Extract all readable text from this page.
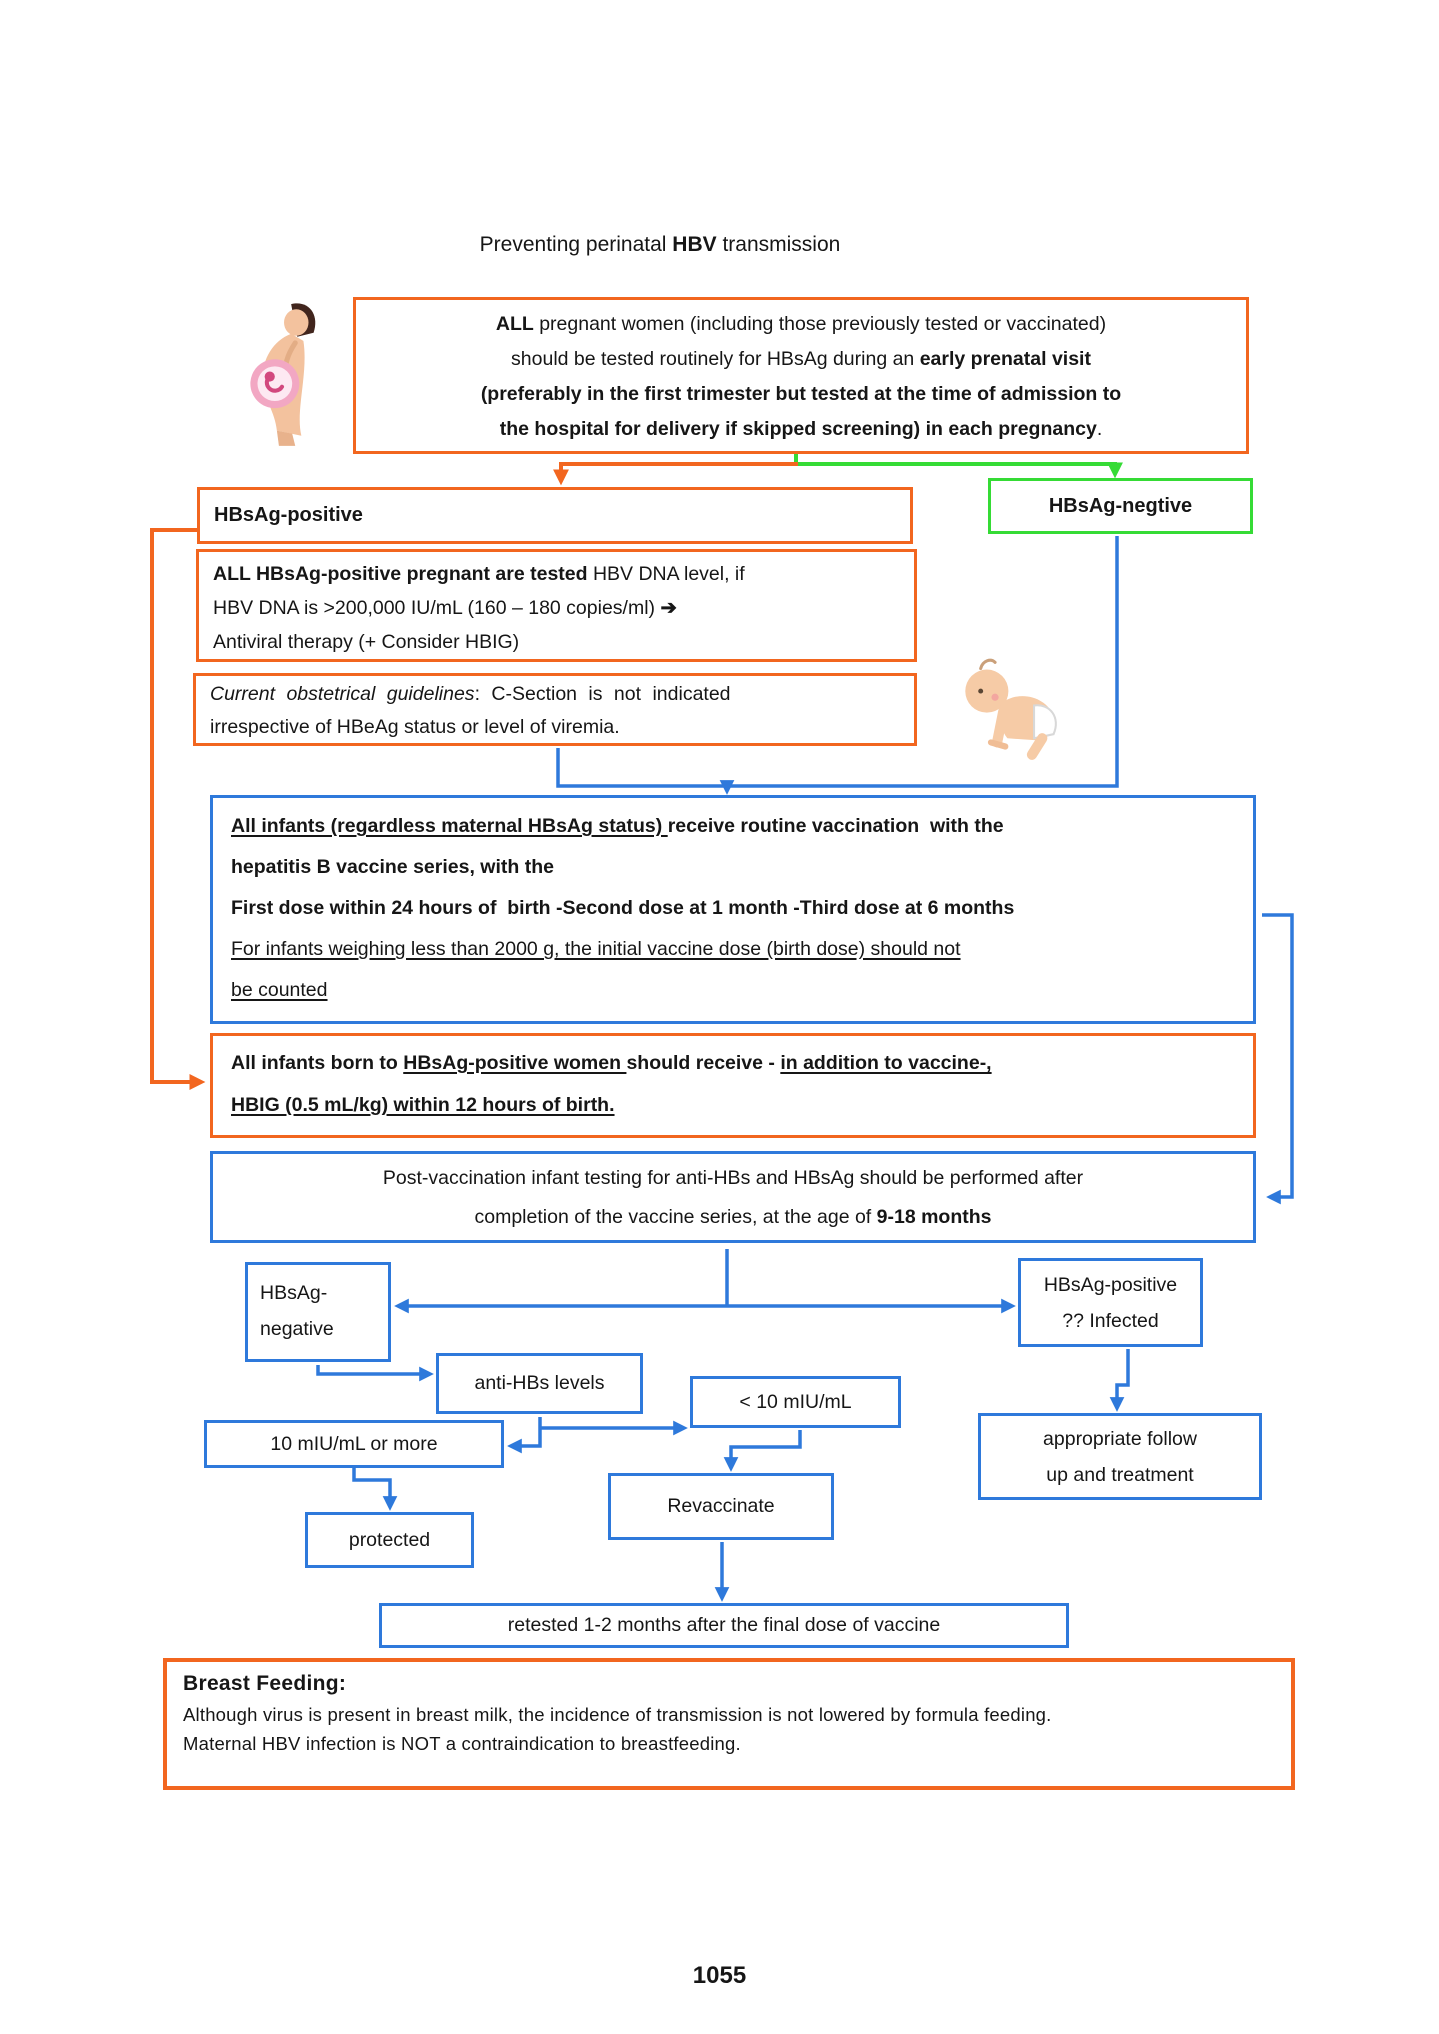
Preventing perinatal HBV transmission
ALL pregnant women (including those previously tested or vaccinated)
should be tested routinely for HBsAg during an early prenatal visit
(preferably in the first trimester but tested at the time of admission to
the hospital for delivery if skipped screening) in each pregnancy.
HBsAg-positive	HBsAg-negtive
ALL HBsAg-positive pregnant are tested HBV DNA level, if
HBV DNA is >200,000 IU/mL (160 – 180 copies/ml) ➔
Antiviral therapy (+ Consider HBIG)
Current obstetrical guidelines: C-Section is not indicated
irrespective of HBeAg status or level of viremia.
All infants (regardless maternal HBsAg status) receive routine vaccination  with the
hepatitis B vaccine series, with the
First dose within 24 hours of  birth -Second dose at 1 month -Third dose at 6 months
For infants weighing less than 2000 g, the initial vaccine dose (birth dose) should not
be counted
All infants born to HBsAg-positive women should receive - in addition to vaccine-,
HBIG (0.5 mL/kg) within 12 hours of birth.
Post-vaccination infant testing for anti-HBs and HBsAg should be performed after
completion of the vaccine series, at the age of 9-18 months
HBsAg-
negative
HBsAg-positive
?? Infected
anti-HBs levels
< 10 mIU/mL
10 mIU/mL or more
protected
Revaccinate
retested 1-2 months after the final dose of vaccine
appropriate follow
up and treatment
Breast Feeding:
Although virus is present in breast milk, the incidence of transmission is not lowered by formula feeding.
Maternal HBV infection is NOT a contraindication to breastfeeding.
1055
